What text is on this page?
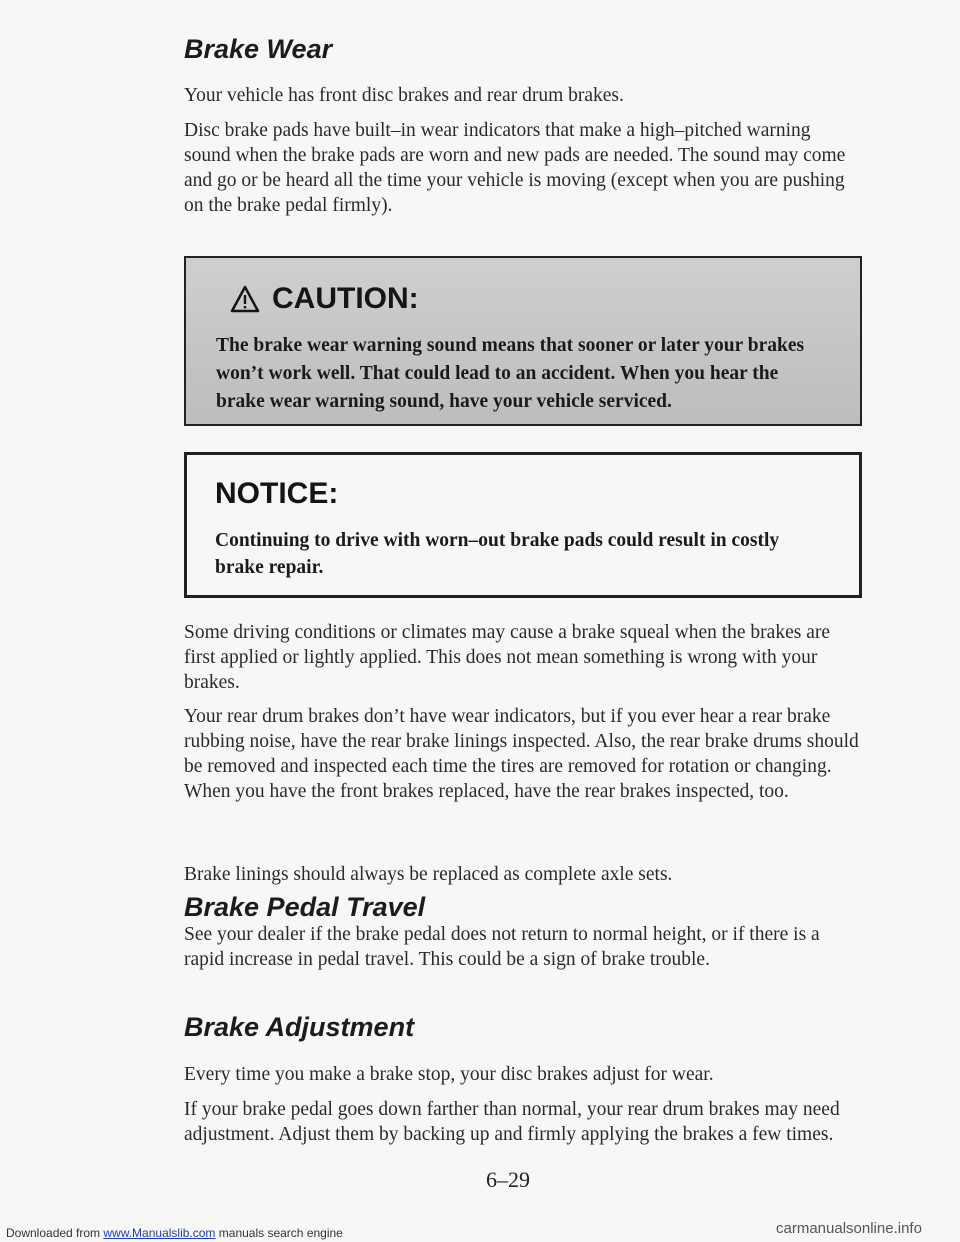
Brake Wear

Your vehicle has front disc brakes and rear drum brakes.

Disc brake pads have built–in wear indicators that make a high–pitched warning sound when the brake pads are worn and new pads are needed. The sound may come and go or be heard all the time your vehicle is moving (except when you are pushing on the brake pedal firmly).

CAUTION:
The brake wear warning sound means that sooner or later your brakes won’t work well. That could lead to an accident. When you hear the brake wear warning sound, have your vehicle serviced.
NOTICE:
Continuing to drive with worn–out brake pads could result in costly brake repair.

Some driving conditions or climates may cause a brake squeal when the brakes are first applied or lightly applied. This does not mean something is wrong with your brakes.

Your rear drum brakes don’t have wear indicators, but if you ever hear a rear brake rubbing noise, have the rear brake linings inspected. Also, the rear brake drums should be removed and inspected each time the tires are removed for rotation or changing. When you have the front brakes replaced, have the rear brakes inspected, too.

Brake linings should always be replaced as complete axle sets.

Brake Pedal Travel

See your dealer if the brake pedal does not return to normal height, or if there is a rapid increase in pedal travel. This could be a sign of brake trouble.

Brake Adjustment

Every time you make a brake stop, your disc brakes adjust for wear.

If your brake pedal goes down farther than normal, your rear drum brakes may need adjustment. Adjust them by backing up and firmly applying the brakes a few times.

6–29
Downloaded from www.Manualslib.com manuals search engine	carmanualsonline.info
